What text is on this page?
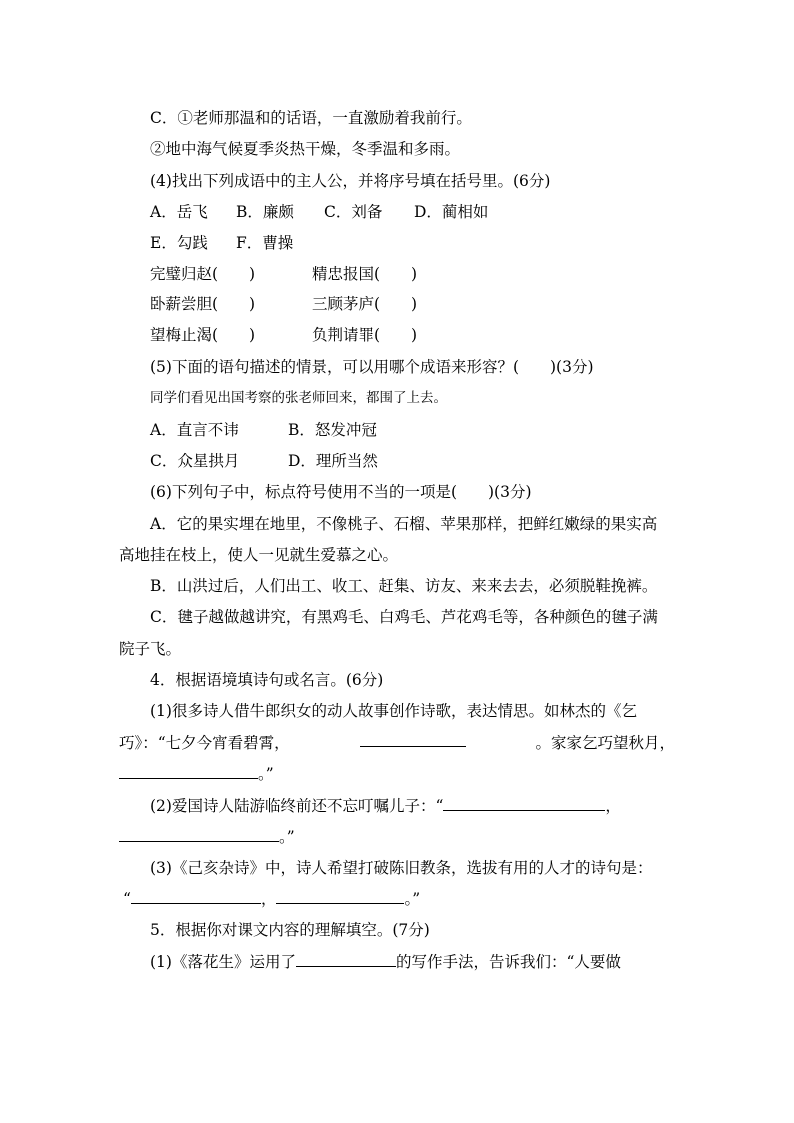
C．①老师那温和的话语，一直激励着我前行。
②地中海气候夏季炎热干燥，冬季温和多雨。
(4)找出下列成语中的主人公，并将序号填在括号里。(6分)
A．岳飞 B．廉颇 C．刘备 D．蔺相如
E．勾践 F．曹操
完璧归赵(　　)	精忠报国(　　)
卧薪尝胆(　　)	三顾茅庐(　　)
望梅止渴(　　)	负荆请罪(　　)
(5)下面的语句描述的情景，可以用哪个成语来形容？(　　)(3分)
同学们看见出国考察的张老师回来，都围了上去。
A．直言不讳	B．怒发冲冠
C．众星拱月	D．理所当然
(6)下列句子中，标点符号使用不当的一项是(　　)(3分)
A．它的果实埋在地里，不像桃子、石榴、苹果那样，把鲜红嫩绿的果实高
高地挂在枝上，使人一见就生爱慕之心。
B．山洪过后，人们出工、收工、赶集、访友、来来去去，必须脱鞋挽裤。
C．毽子越做越讲究，有黑鸡毛、白鸡毛、芦花鸡毛等，各种颜色的毽子满
院子飞。
4．根据语境填诗句或名言。(6分)
(1)很多诗人借牛郎织女的动人故事创作诗歌，表达情思。如林杰的《乞
巧》：“七夕今宵看碧霄，	。家家乞巧望秋月，
。”
(2)爱国诗人陆游临终前还不忘叮嘱儿子：“	，
。”
(3)《己亥杂诗》中，诗人希望打破陈旧教条，选拔有用的人才的诗句是：
“	，	。”
5．根据你对课文内容的理解填空。(7分)
(1)《落花生》运用了	的写作手法，告诉我们：“人要做
